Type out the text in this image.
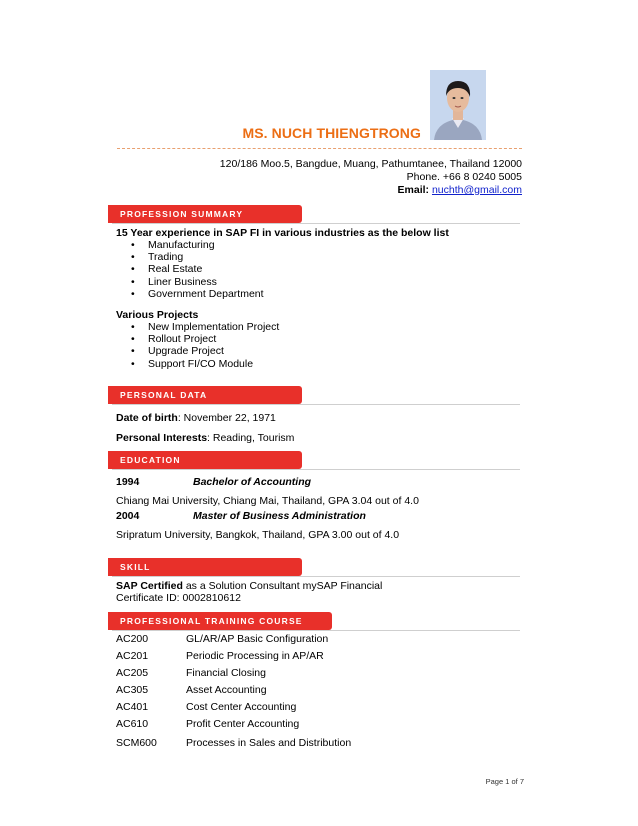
MS. NUCH THIENGTRONG
120/186 Moo.5, Bangdue, Muang, Pathumtanee, Thailand 12000
Phone. +66 8 0240 5005
Email: nuchth@gmail.com
PROFESSION SUMMARY
15 Year experience in SAP FI in various industries as the below list
• Manufacturing
• Trading
• Real Estate
• Liner Business
• Government Department
Various Projects
• New Implementation Project
• Rollout Project
• Upgrade Project
• Support FI/CO Module
PERSONAL DATA
Date of birth: November 22, 1971
Personal Interests: Reading, Tourism
EDUCATION
1994	Bachelor of Accounting
Chiang Mai University, Chiang Mai, Thailand, GPA 3.04 out of 4.0
2004	Master of Business Administration
Sripratum University, Bangkok, Thailand, GPA 3.00 out of 4.0
SKILL
SAP Certified as a Solution Consultant mySAP Financial
Certificate ID: 0002810612
PROFESSIONAL TRAINING COURSE
AC200	GL/AR/AP Basic Configuration
AC201	Periodic Processing in AP/AR
AC205	Financial Closing
AC305	Asset Accounting
AC401	Cost Center Accounting
AC610	Profit Center Accounting
SCM600	Processes in Sales and Distribution
Page 1 of 7
